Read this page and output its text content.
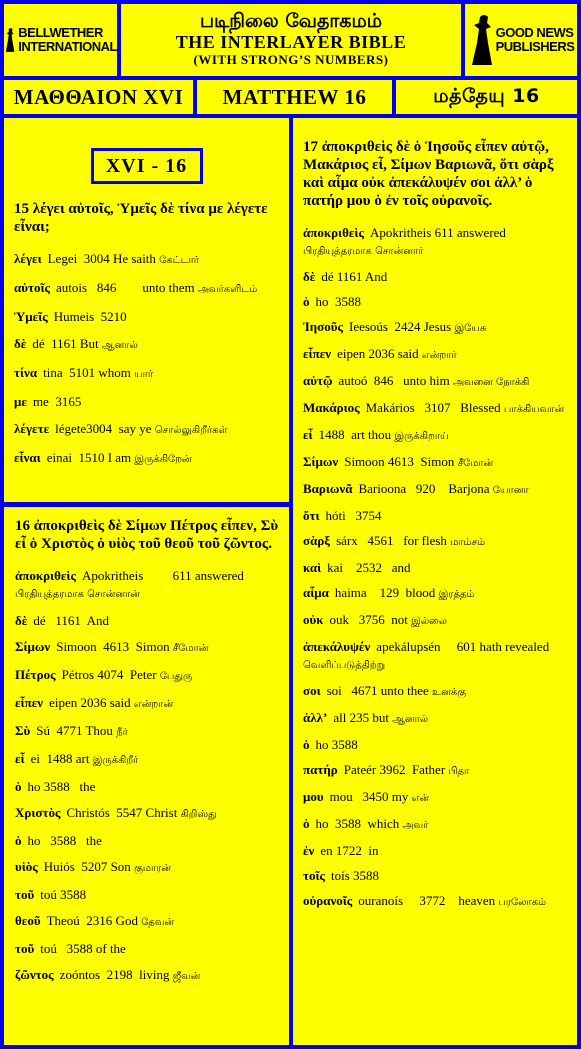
BELLWETHER
INTERNATIONAL
படிநிலை வேதாகமம்
THE INTERLAYER BIBLE
(WITH STRONG’S NUMBERS)
GOOD NEWS
PUBLISHERS
ΜΑΘΘΑΙΟΝ XVI	MATTHEW 16	மத்தேயு 16
XVI - 16
15 λέγει αὐτοῖς, Ὑμεῖς δὲ τίνα με λέγετε εἶναι;
λέγει Legei  3004 He saith கேட்டார்
αὐτοῖς autois   846        unto them அவர்களிடம்
Ὑμεῖς Humeis  5210
δὲ dé  1161 But ஆனால்
τίνα tina  5101 whom யார்
με me  3165
λέγετε légete3004  say ye சொல்லுகிறீர்கள்
εἶναι einai  1510 I am இருக்கிறேன்
16 ἀποκριθεὶς δὲ Σίμων Πέτρος εἶπεν, Σὺ εἶ ὁ Χριστὸς ὁ υἱὸς τοῦ θεοῦ τοῦ ζῶντος.
ἀποκριθεὶς Apokritheis         611 answered பிரதியுத்தரமாக சொன்னான்
δὲ dé   1161  And
Σίμων Simoon  4613  Simon சீமோன்
Πέτρος Pétros 4074  Peter பேதுரு
εἶπεν eipen 2036 said என்றான்
Σὺ Sú  4771 Thou நீர்
εἶ ei  1488 art இருக்கிறீர்
ὁ ho 3588   the
Χριστὸς Christós  5547 Christ கிறிஸ்து
ὁ ho   3588   the
υἱὸς Huiós  5207 Son குமாரன்
τοῦ toú 3588
θεοῦ Theoú  2316 God தேவன்
τοῦ toú   3588 of the
ζῶντος zoóntos  2198  living ஜீவன்
17 ἀποκριθεὶς δὲ ὁ Ἰησοῦς εἶπεν αὐτῷ, Μακάριος εἶ, Σίμων Βαριωνᾶ, ὅτι σὰρξ καὶ αἷμα οὐκ ἀπεκάλυψέν σοι ἀλλ’ ὁ πατήρ μου ὁ ἐν τοῖς οὐρανοῖς.
ἀποκριθεὶς Apokritheis 611 answered பிரதியுத்தரமாக சொன்னார்
δὲ dé 1161 And
ὁ ho  3588
Ἰησοῦς Ieesoús  2424 Jesus இயேசு
εἶπεν eipen 2036 said என்றார்
αὐτῷ autoó  846   unto him அவனை நோக்கி
Μακάριος Makários   3107   Blessed பாக்கியவான்
εἶ 1488  art thou இருக்கிறாய்
Σίμων Simoon 4613  Simon சீமோன்
Βαριωνᾶ Barioona   920    Barjona யோனா
ὅτι hóti   3754
σὰρξ sárx   4561   for flesh மாம்சம்
καὶ kai    2532   and
αἷμα haima    129  blood இரத்தம்
οὐκ ouk   3756  not இல்லை
ἀπεκάλυψέν apekálupsén     601 hath revealed வெளிப்படுத்திற்று
σοι soi   4671 unto thee உனக்கு
ἀλλ’ all 235 but ஆனால்
ὁ ho 3588
πατήρ Pateér 3962  Father பிதா
μου mou   3450 my என்
ὁ ho  3588  which அவர்
ἐν en 1722  in
τοῖς toís 3588
οὐρανοῖς ouranoís     3772    heaven பரலோகம்
